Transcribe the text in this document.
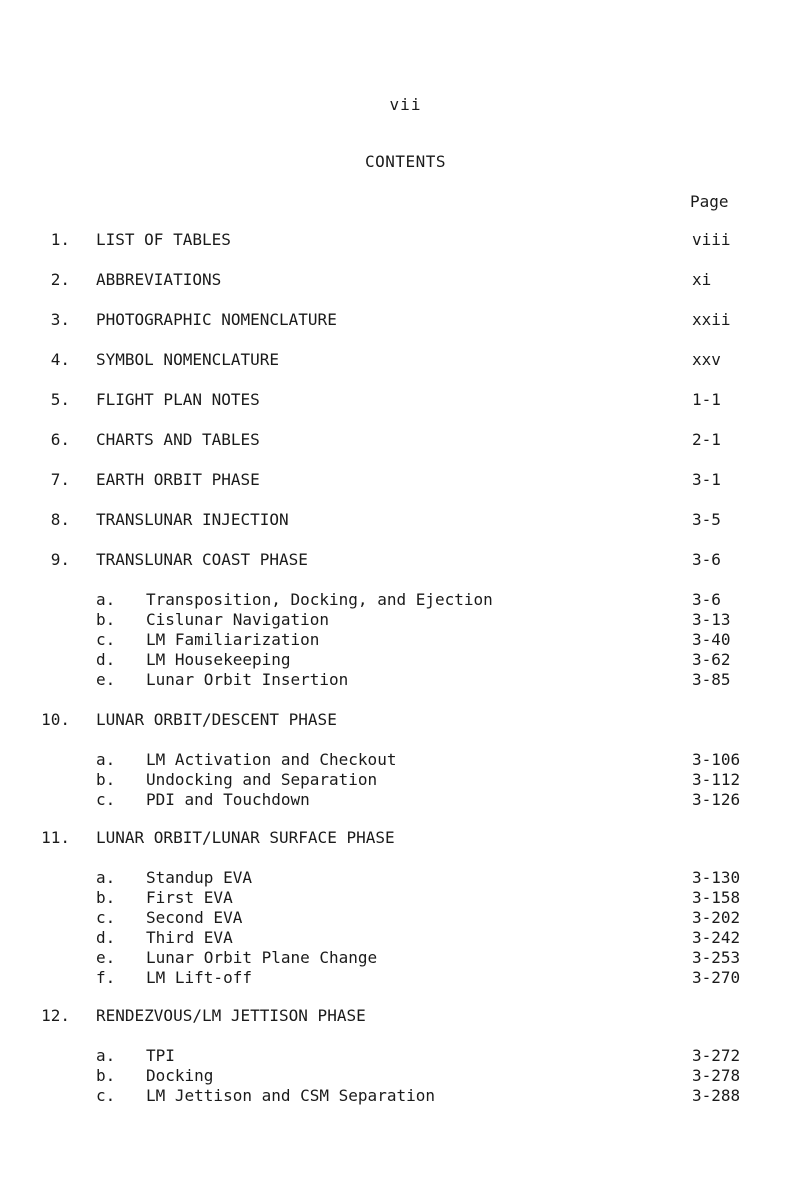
vii
CONTENTS
Page
1. LIST OF TABLES . . .	viii
2. ABBREVIATIONS . . .	xi
3. PHOTOGRAPHIC NOMENCLATURE . . .	xxii
4. SYMBOL NOMENCLATURE . . .	xxv
5. FLIGHT PLAN NOTES . . .	1-1
6. CHARTS AND TABLES . . .	2-1
7. EARTH ORBIT PHASE . . .	3-1
8. TRANSLUNAR INJECTION . . .	3-5
9. TRANSLUNAR COAST PHASE . . .	3-6
a. Transposition, Docking, and Ejection . . .	3-6
b. Cislunar Navigation . . .	3-13
c. LM Familiarization . . .	3-40
d. LM Housekeeping . . .	3-62
e. Lunar Orbit Insertion . . .	3-85
10. LUNAR ORBIT/DESCENT PHASE
a. LM Activation and Checkout . . .	3-106
b. Undocking and Separation . . .	3-112
c. PDI and Touchdown . . .	3-126
11. LUNAR ORBIT/LUNAR SURFACE PHASE
a. Standup EVA . . .	3-130
b. First EVA . . .	3-158
c. Second EVA . . .	3-202
d. Third EVA . . .	3-242
e. Lunar Orbit Plane Change . . .	3-253
f. LM Lift-off . . .	3-270
12. RENDEZVOUS/LM JETTISON PHASE
a. TPI . . .	3-272
b. Docking . . .	3-278
c. LM Jettison and CSM Separation . . .	3-288
